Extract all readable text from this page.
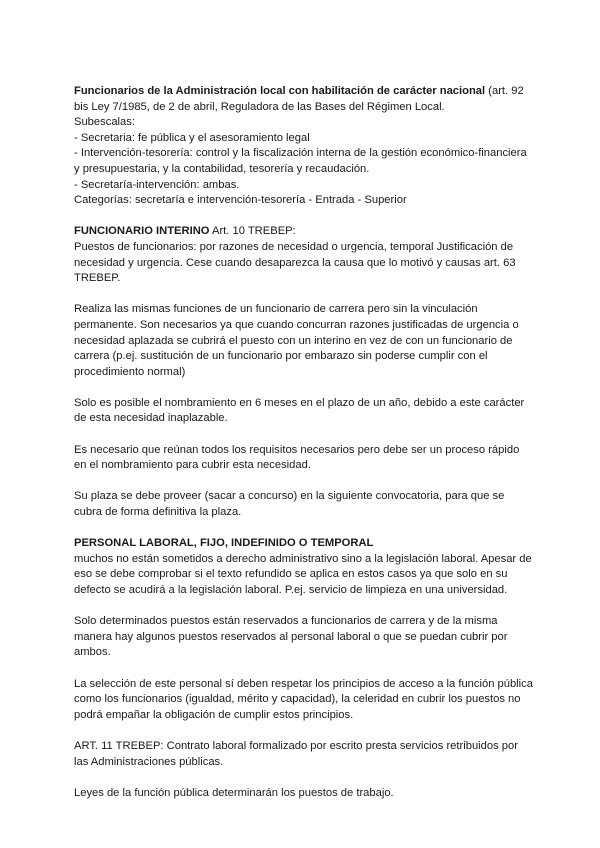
Funcionarios de la Administración local con habilitación de carácter nacional (art. 92 bis Ley 7/1985, de 2 de abril, Reguladora de las Bases del Régimen Local.

Subescalas:

- Secretaria: fe pública y el asesoramiento legal

- Intervención-tesorería: control y la fiscalización interna de la gestión económico-financiera y presupuestaria, y la contabilidad, tesorería y recaudación.

- Secretaría-intervención: ambas.

Categorías: secretaría e intervención-tesorería - Entrada - Superior

FUNCIONARIO INTERINO Art. 10 TREBEP:

Puestos de funcionarios: por razones de necesidad o urgencia, temporal Justificación de necesidad y urgencia. Cese cuando desaparezca la causa que lo motivó y causas art. 63 TREBEP.

Realiza las mismas funciones de un funcionario de carrera pero sin la vinculación permanente. Son necesarios ya que cuando concurran razones justificadas de urgencia o necesidad aplazada se cubrirá el puesto con un interino en vez de con un funcionario de carrera (p.ej. sustitución de un funcionario por embarazo sin poderse cumplir con el procedimiento normal)

Solo es posible el nombramiento en 6 meses en el plazo de un año, debido a este carácter de esta necesidad inaplazable.

Es necesario que reúnan todos los requisitos necesarios pero debe ser un proceso rápido en el nombramiento para cubrir esta necesidad.

Su plaza se debe proveer (sacar a concurso) en la siguiente convocatoria, para que se cubra de forma definitiva la plaza.

PERSONAL LABORAL, FIJO, INDEFINIDO O TEMPORAL

muchos no están sometidos a derecho administrativo sino a la legislación laboral. Apesar de eso se debe comprobar si el texto refundido se aplica en estos casos ya que solo en su defecto se acudirá a la legislación laboral. P.ej. servicio de limpieza en una universidad.

Solo determinados puestos están reservados a funcionarios de carrera y de la misma manera hay algunos puestos reservados al personal laboral o que se puedan cubrir por ambos.

La selección de este personal sí deben respetar los principios de acceso a la función pública como los funcionarios (igualdad, mérito y capacidad), la celeridad en cubrir los puestos no podrá empañar la obligación de cumplir estos principios.

ART. 11 TREBEP: Contrato laboral formalizado por escrito presta servicios retribuidos por las Administraciones públicas.

Leyes de la función pública determinarán los puestos de trabajo.
